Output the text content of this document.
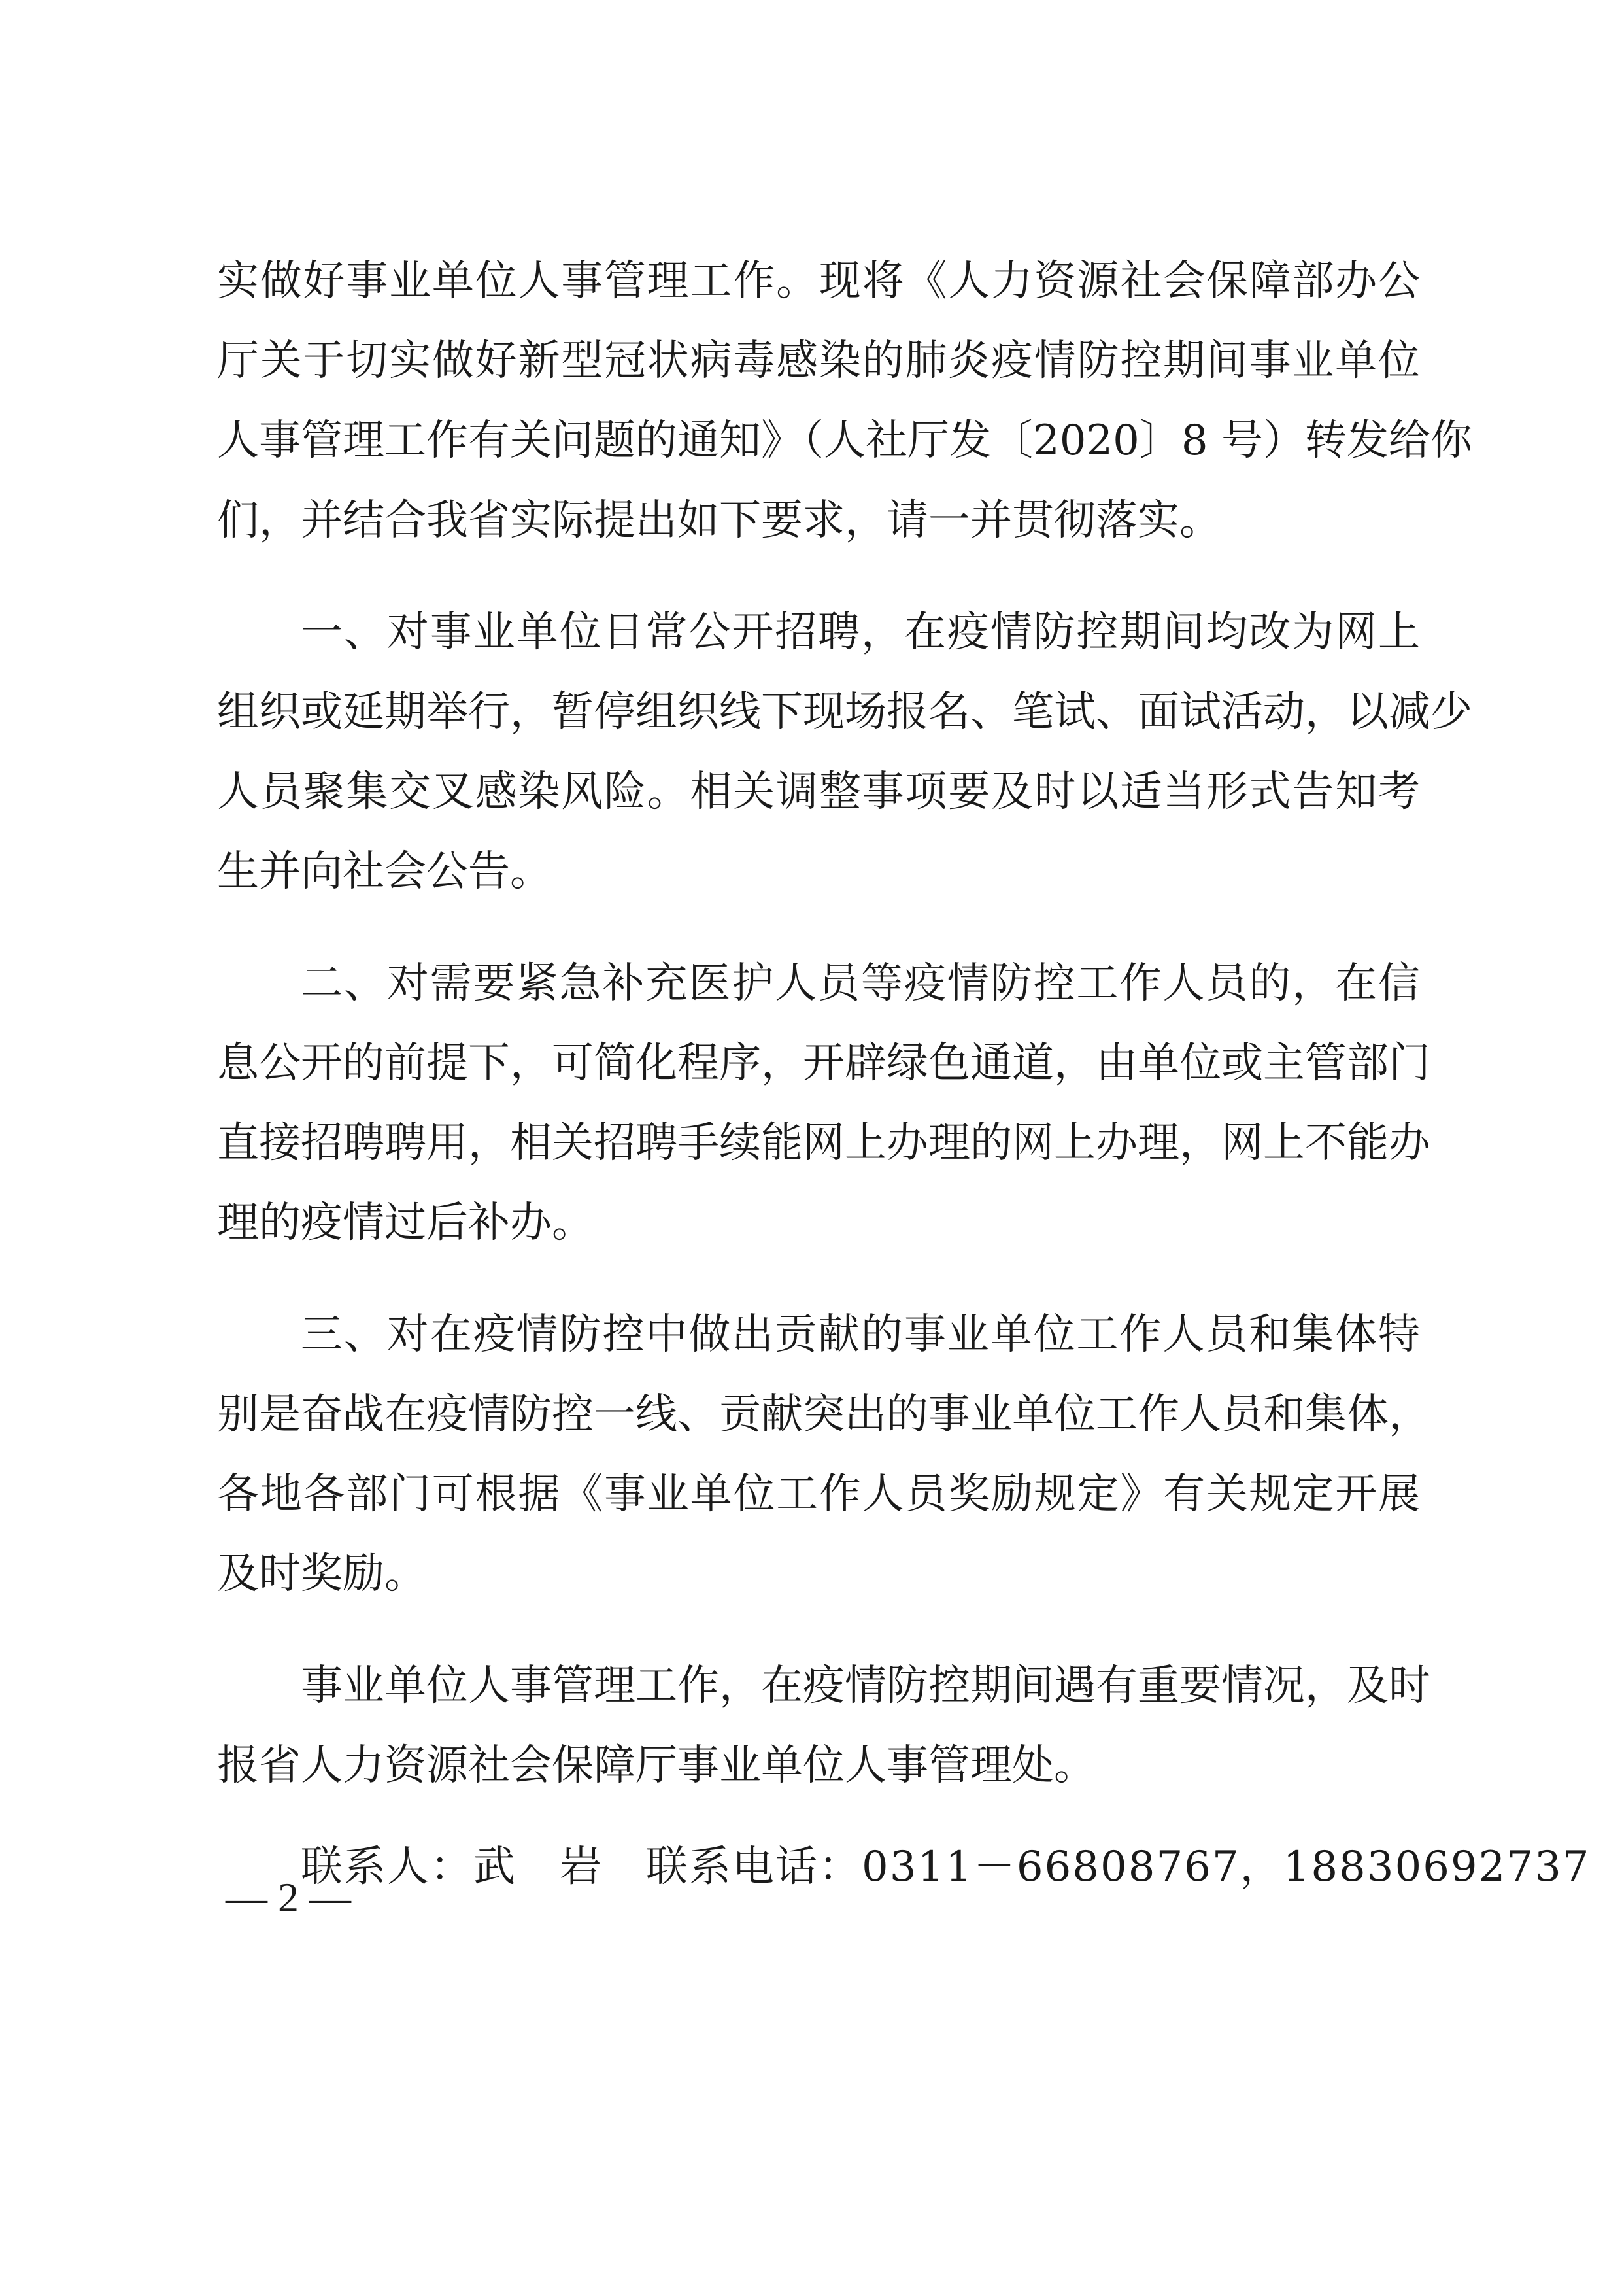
实做好事业单位人事管理工作。现将《人力资源社会保障部办公
厅关于切实做好新型冠状病毒感染的肺炎疫情防控期间事业单位
人事管理工作有关问题的通知》（人社厅发〔2020〕8 号）转发给你
们，并结合我省实际提出如下要求，请一并贯彻落实。
一、对事业单位日常公开招聘，在疫情防控期间均改为网上
组织或延期举行，暂停组织线下现场报名、笔试、面试活动，以减少
人员聚集交叉感染风险。相关调整事项要及时以适当形式告知考
生并向社会公告。
二、对需要紧急补充医护人员等疫情防控工作人员的，在信
息公开的前提下，可简化程序，开辟绿色通道，由单位或主管部门
直接招聘聘用，相关招聘手续能网上办理的网上办理，网上不能办
理的疫情过后补办。
三、对在疫情防控中做出贡献的事业单位工作人员和集体特
别是奋战在疫情防控一线、贡献突出的事业单位工作人员和集体，
各地各部门可根据《事业单位工作人员奖励规定》有关规定开展
及时奖励。
事业单位人事管理工作，在疫情防控期间遇有重要情况，及时
报省人力资源社会保障厅事业单位人事管理处。
联系人：武　岩　联系电话：0311－66808767，18830692737
— 2 —
